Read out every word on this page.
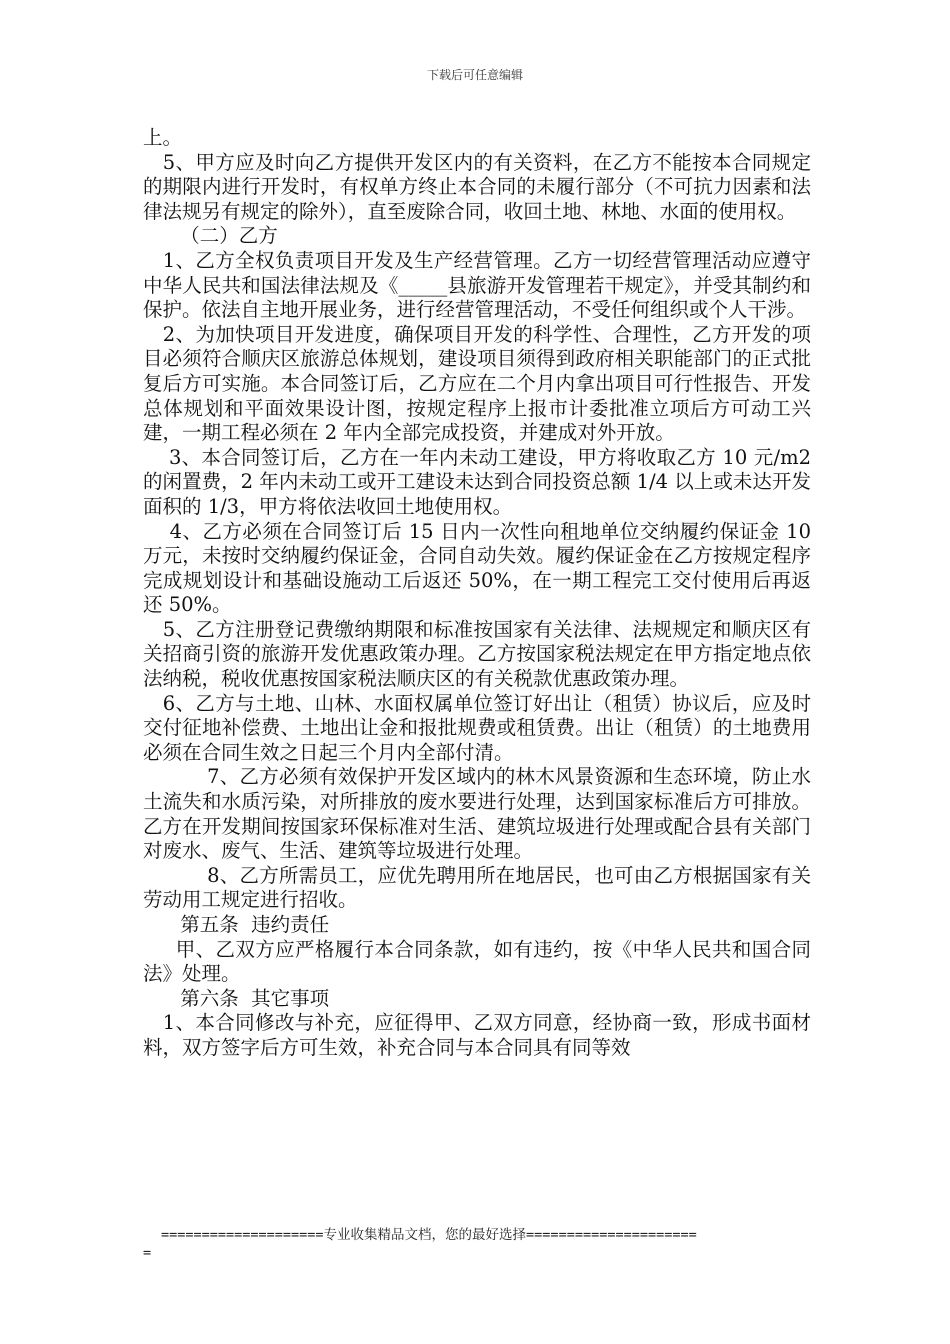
下载后可任意编辑

上。

5、甲方应及时向乙方提供开发区内的有关资料，在乙方不能按本合同规定的期限内进行开发时，有权单方终止本合同的未履行部分（不可抗力因素和法律法规另有规定的除外），直至废除合同，收回土地、林地、水面的使用权。

（二）乙方

1、乙方全权负责项目开发及生产经营管理。乙方一切经营管理活动应遵守中华人民共和国法律法规及《_____县旅游开发管理若干规定》，并受其制约和保护。依法自主地开展业务，进行经营管理活动，不受任何组织或个人干涉。

2、为加快项目开发进度，确保项目开发的科学性、合理性，乙方开发的项目必须符合顺庆区旅游总体规划，建设项目须得到政府相关职能部门的正式批复后方可实施。本合同签订后，乙方应在二个月内拿出项目可行性报告、开发总体规划和平面效果设计图，按规定程序上报市计委批准立项后方可动工兴建，一期工程必须在 2 年内全部完成投资，并建成对外开放。

3、本合同签订后，乙方在一年内未动工建设，甲方将收取乙方 10 元/m2 的闲置费，2 年内未动工或开工建设未达到合同投资总额 1/4 以上或未达开发面积的 1/3，甲方将依法收回土地使用权。

4、乙方必须在合同签订后 15 日内一次性向租地单位交纳履约保证金 10 万元，未按时交纳履约保证金，合同自动失效。履约保证金在乙方按规定程序完成规划设计和基础设施动工后返还 50%，在一期工程完工交付使用后再返还 50%。

5、乙方注册登记费缴纳期限和标准按国家有关法律、法规规定和顺庆区有关招商引资的旅游开发优惠政策办理。乙方按国家税法规定在甲方指定地点依法纳税，税收优惠按国家税法顺庆区的有关税款优惠政策办理。

6、乙方与土地、山林、水面权属单位签订好出让（租赁）协议后，应及时交付征地补偿费、土地出让金和报批规费或租赁费。出让（租赁）的土地费用必须在合同生效之日起三个月内全部付清。

7、乙方必须有效保护开发区域内的林木风景资源和生态环境，防止水土流失和水质污染，对所排放的废水要进行处理，达到国家标准后方可排放。乙方在开发期间按国家环保标准对生活、建筑垃圾进行处理或配合县有关部门对废水、废气、生活、建筑等垃圾进行处理。

8、乙方所需员工，应优先聘用所在地居民，也可由乙方根据国家有关劳动用工规定进行招收。

第五条  违约责任

甲、乙双方应严格履行本合同条款，如有违约，按《中华人民共和国合同法》处理。

第六条  其它事项

1、本合同修改与补充，应征得甲、乙双方同意，经协商一致，形成书面材料，双方签字后方可生效，补充合同与本合同具有同等效

====================专业收集精品文档，您的最好选择=====================
=
